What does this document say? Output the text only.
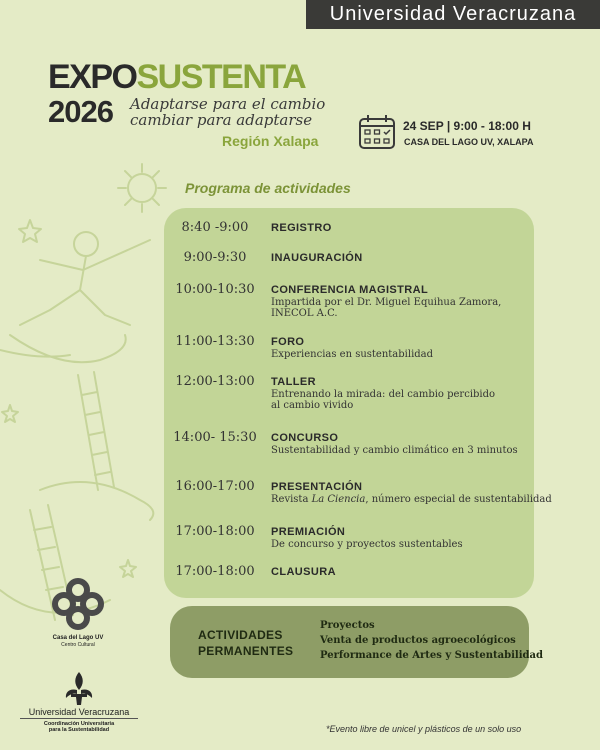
Universidad Veracruzana
EXPOSUSTENTA
2026 Adaptarse para el cambio
cambiar para adaptarse
Región Xalapa
24 SEP | 9:00 - 18:00 H
CASA DEL LAGO UV, XALAPA
Programa de actividades
8:40 -9:00	REGISTRO
9:00-9:30	INAUGURACIÓN
10:00-10:30	CONFERENCIA MAGISTRAL
Impartida por el Dr. Miguel Equihua Zamora,
INECOL A.C.
11:00-13:30	FORO
Experiencias en sustentabilidad
12:00-13:00	TALLER
Entrenando la mirada: del cambio percibido
al cambio vivido
14:00- 15:30	CONCURSO
Sustentabilidad y cambio climático en 3 minutos
16:00-17:00	PRESENTACIÓN
Revista La Ciencia, número especial de sustentabilidad
17:00-18:00	PREMIACIÓN
De concurso y proyectos sustentables
17:00-18:00	CLAUSURA
ACTIVIDADES
PERMANENTES
Proyectos
Venta de productos agroecológicos
Performance de Artes y Sustentabilidad
Casa del Lago UV
Centro Cultural
Universidad Veracruzana
Coordinación Universitaria
para la Sustentabilidad	*Evento libre de unicel y plásticos de un solo uso
